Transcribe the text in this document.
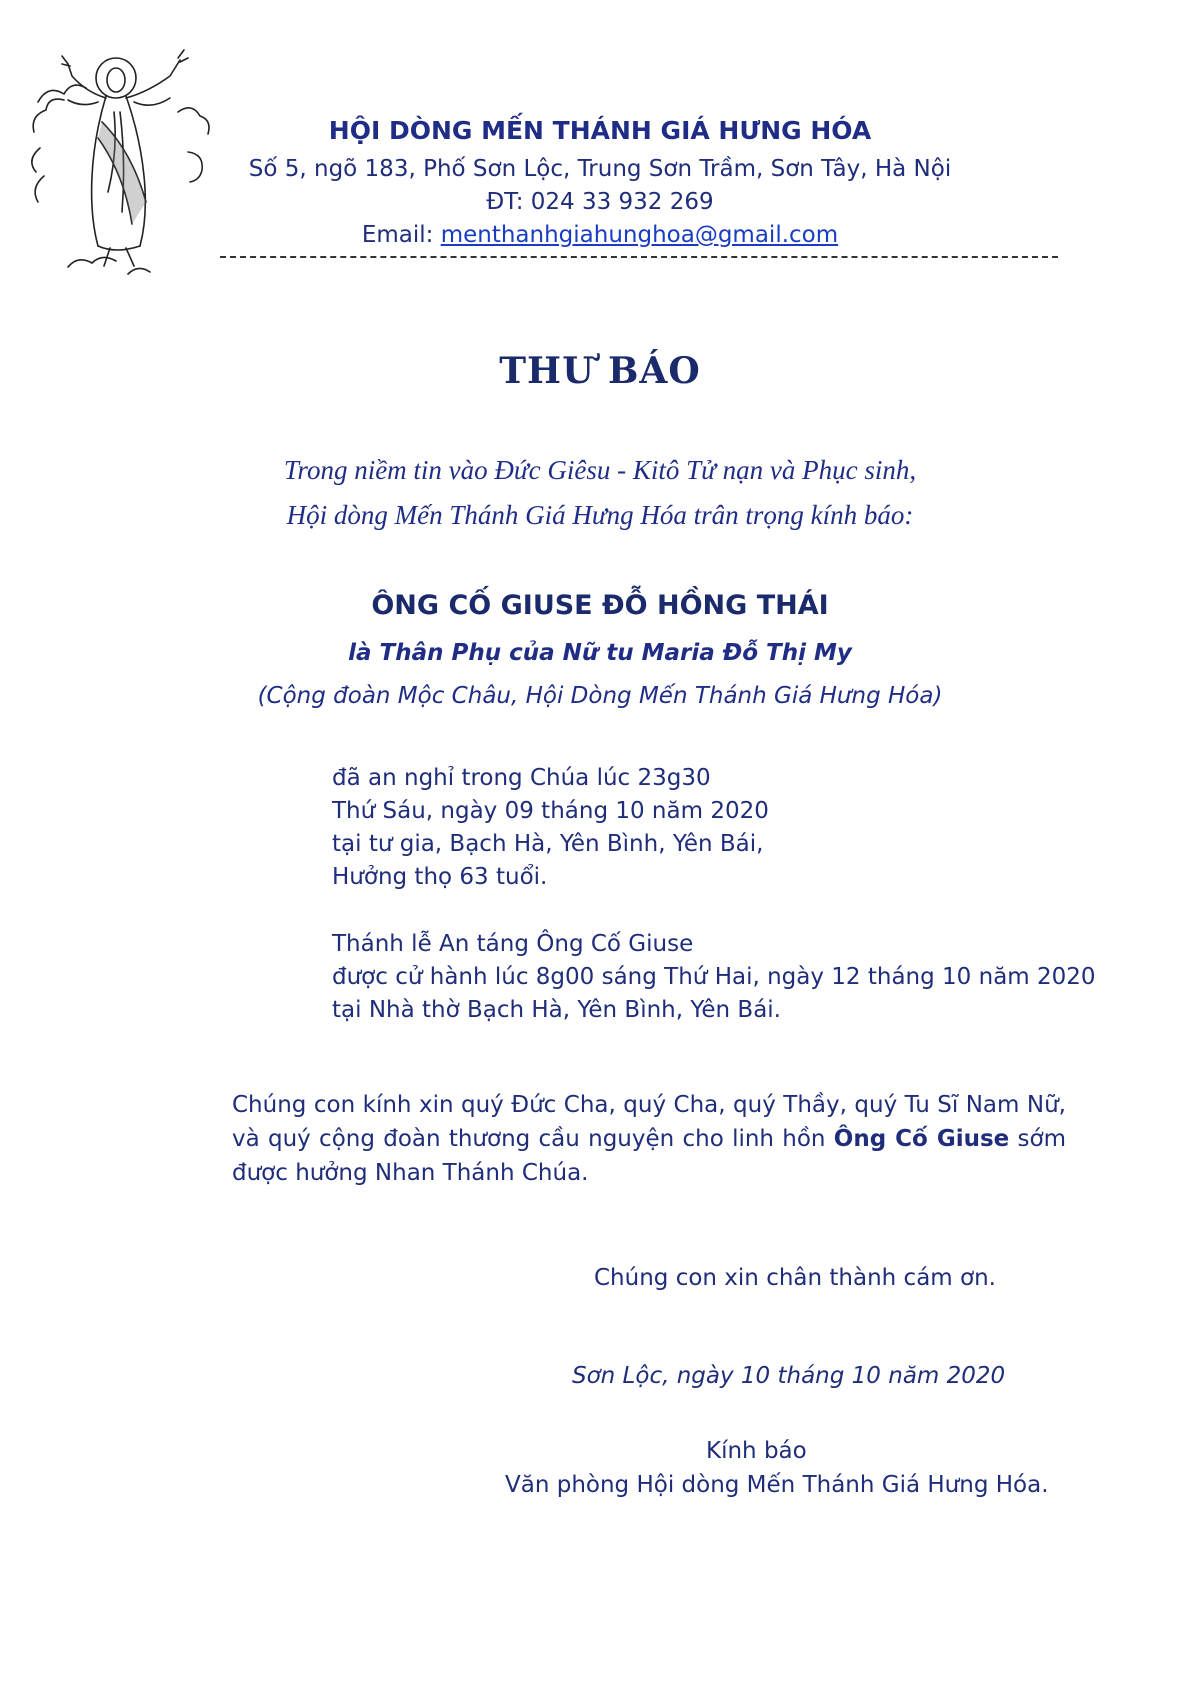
HỘI DÒNG MẾN THÁNH GIÁ HƯNG HÓA
Số 5, ngõ 183, Phố Sơn Lộc, Trung Sơn Trầm, Sơn Tây, Hà Nội
ĐT: 024 33 932 269
Email: menthanhgiahunghoa@gmail.com
THƯ BÁO
Trong niềm tin vào Đức Giêsu - Kitô Tử nạn và Phục sinh,
Hội dòng Mến Thánh Giá Hưng Hóa trân trọng kính báo:
ÔNG CỐ GIUSE ĐỖ HỒNG THÁI
là Thân Phụ của Nữ tu Maria Đỗ Thị My
(Cộng đoàn Mộc Châu, Hội Dòng Mến Thánh Giá Hưng Hóa)
đã an nghỉ trong Chúa lúc 23g30
Thứ Sáu, ngày 09 tháng 10 năm 2020
tại tư gia, Bạch Hà, Yên Bình, Yên Bái,
Hưởng thọ 63 tuổi.
Thánh lễ An táng Ông Cố Giuse
được cử hành lúc 8g00 sáng Thứ Hai, ngày 12 tháng 10 năm 2020
tại Nhà thờ Bạch Hà, Yên Bình, Yên Bái.
Chúng con kính xin quý Đức Cha, quý Cha, quý Thầy, quý Tu Sĩ Nam Nữ, và quý cộng đoàn thương cầu nguyện cho linh hồn Ông Cố Giuse sớm được hưởng Nhan Thánh Chúa.
Chúng con xin chân thành cám ơn.
Sơn Lộc, ngày 10 tháng 10 năm 2020
Kính báo
Văn phòng Hội dòng Mến Thánh Giá Hưng Hóa.
